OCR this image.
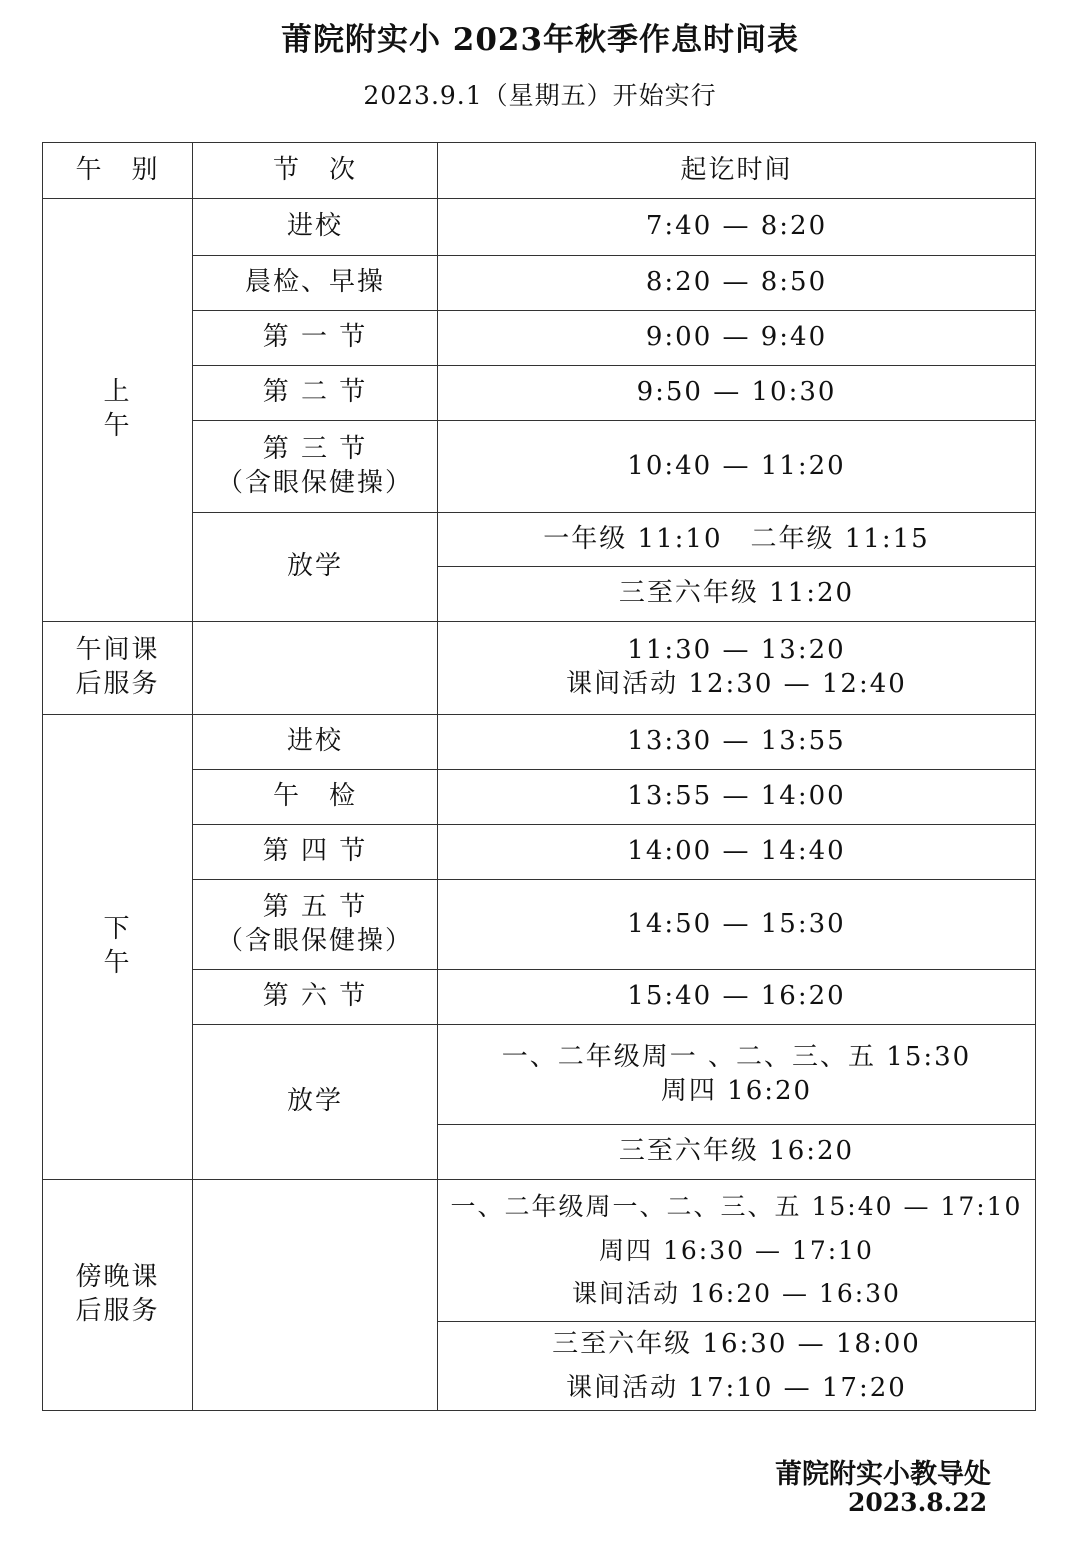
莆院附实小 2023年秋季作息时间表
2023.9.1（星期五）开始实行
午　别	节　次	起讫时间

上
午	进校	7:40 — 8:20
	晨检、早操	8:20 — 8:50
	第 一 节	9:00 — 9:40
	第 二 节	9:50 — 10:30

	第 三 节
（含眼保健操）	10:40 — 11:20
	放学	一年级 11:10　二年级 11:15
		三至六年级 11:20

午间课
后服务		11:30 — 13:20
课间活动 12:30 — 12:40

下
午	进校	13:30 — 13:55
	午　检	13:55 — 14:00
	第 四 节	14:00 — 14:40

	第 五 节
（含眼保健操）	14:50 — 15:30
	第 六 节	15:40 — 16:20
	放学	一、二年级周一 、二、三、五 15:30
周四 16:20

		三至六年级 16:20

傍晚课
后服务		一、二年级周一、二、三、五 15:40 — 17:10
周四 16:30 — 17:10
课间活动 16:20 — 16:30

		三至六年级 16:30 — 18:00
课间活动 17:10 — 17:20
莆院附实小教导处
2023.8.22
